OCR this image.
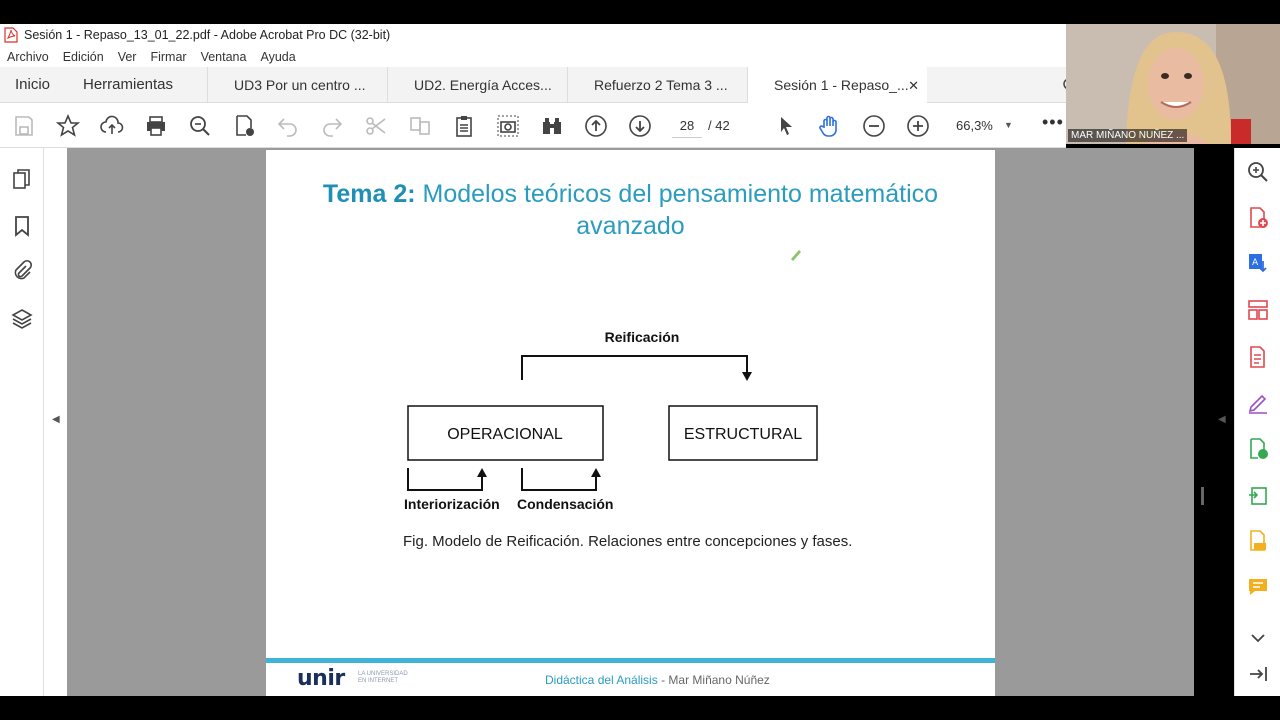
Sesión 1 - Repaso_13_01_22.pdf - Adobe Acrobat Pro DC (32-bit)
Archivo Edición Ver Firmar Ventana Ayuda
Inicio Herramientas	UD3 Por un centro ...	UD2. Energía Acces...	Refuerzo 2 Tema 3 ...	Sesión 1 - Repaso_... ✕
28	/ 42	66,3%	▼ •••
MAR MIÑANO NUÑEZ ...
◀
Tema 2: Modelos teóricos del pensamiento matemático avanzado
Reificación
OPERACIONAL	ESTRUCTURAL
Interiorización Condensación
Fig. Modelo de Reificación. Relaciones entre concepciones y fases.
unir LA UNIVERSIDAD
EN INTERNET	Didáctica del Análisis - Mar Miñano Núñez
◀
A
